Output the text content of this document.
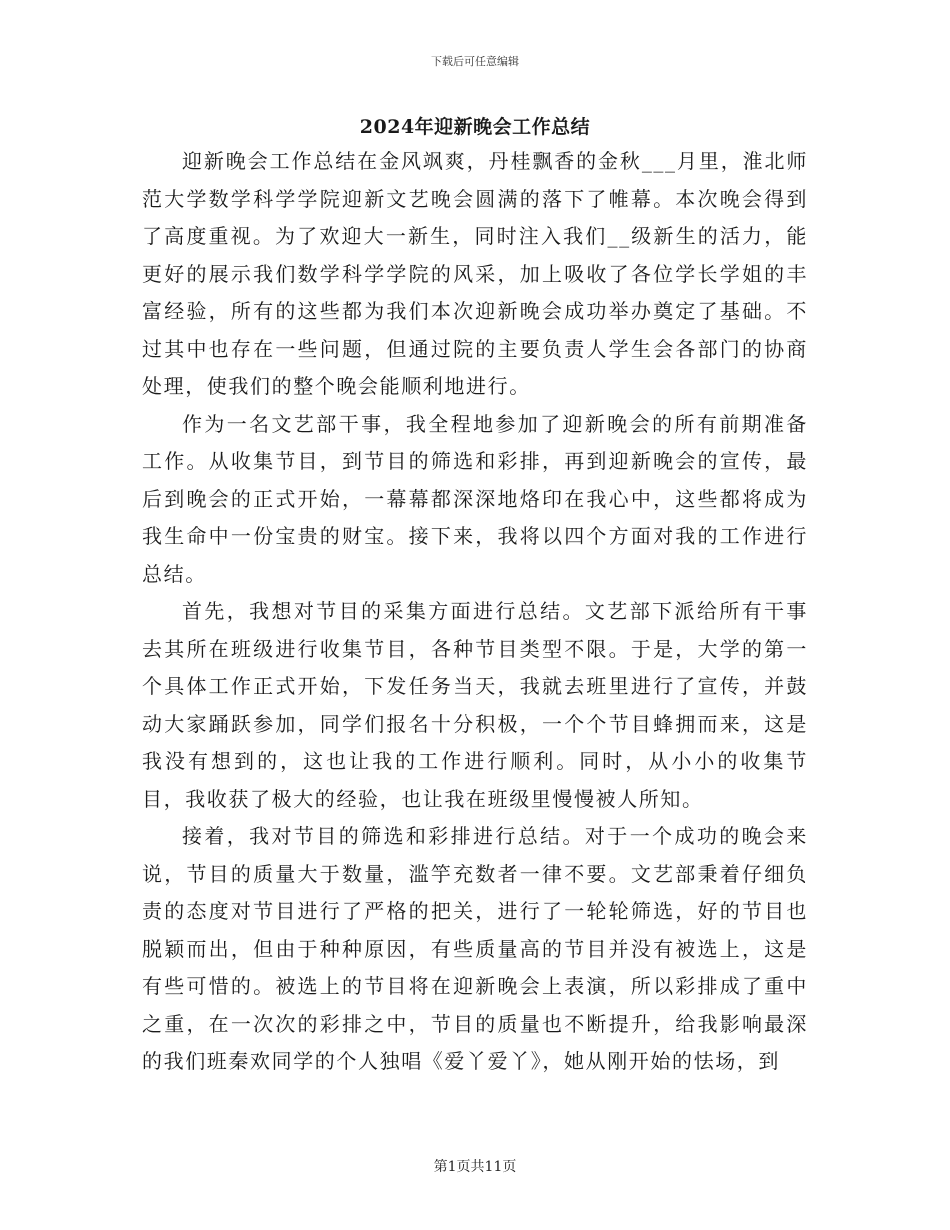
下载后可任意编辑
2024年迎新晚会工作总结

迎新晚会工作总结在金风飒爽，丹桂飘香的金秋___月里，淮北师范大学数学科学学院迎新文艺晚会圆满的落下了帷幕。本次晚会得到了高度重视。为了欢迎大一新生，同时注入我们__级新生的活力，能更好的展示我们数学科学学院的风采，加上吸收了各位学长学姐的丰富经验，所有的这些都为我们本次迎新晚会成功举办奠定了基础。不过其中也存在一些问题，但通过院的主要负责人学生会各部门的协商处理，使我们的整个晚会能顺利地进行。

作为一名文艺部干事，我全程地参加了迎新晚会的所有前期准备工作。从收集节目，到节目的筛选和彩排，再到迎新晚会的宣传，最后到晚会的正式开始，一幕幕都深深地烙印在我心中，这些都将成为我生命中一份宝贵的财宝。接下来，我将以四个方面对我的工作进行总结。

首先，我想对节目的采集方面进行总结。文艺部下派给所有干事去其所在班级进行收集节目，各种节目类型不限。于是，大学的第一个具体工作正式开始，下发任务当天，我就去班里进行了宣传，并鼓动大家踊跃参加，同学们报名十分积极，一个个节目蜂拥而来，这是我没有想到的，这也让我的工作进行顺利。同时，从小小的收集节目，我收获了极大的经验，也让我在班级里慢慢被人所知。

接着，我对节目的筛选和彩排进行总结。对于一个成功的晚会来说，节目的质量大于数量，滥竽充数者一律不要。文艺部秉着仔细负责的态度对节目进行了严格的把关，进行了一轮轮筛选，好的节目也脱颖而出，但由于种种原因，有些质量高的节目并没有被选上，这是有些可惜的。被选上的节目将在迎新晚会上表演，所以彩排成了重中之重，在一次次的彩排之中，节目的质量也不断提升，给我影响最深的我们班秦欢同学的个人独唱《爱丫爱丫》，她从刚开始的怯场，到

第1页共11页
